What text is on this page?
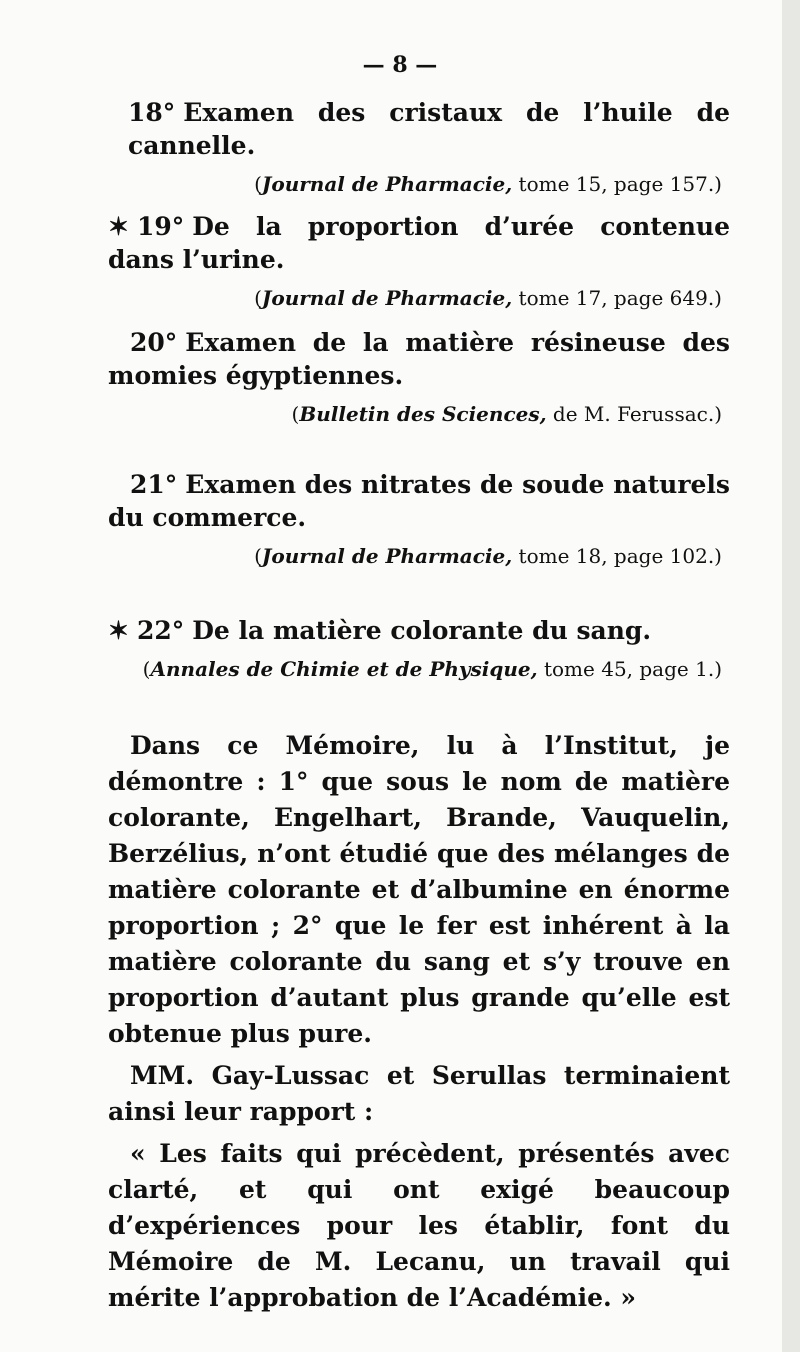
— 8 —
18° Examen des cristaux de l’huile de cannelle.
(Journal de Pharmacie, tome 15, page 157.)
✶ 19° De la proportion d’urée contenue dans l’urine.
(Journal de Pharmacie, tome 17, page 649.)
20° Examen de la matière résineuse des momies égyptiennes.
(Bulletin des Sciences, de M. Ferussac.)
21° Examen des nitrates de soude naturels du commerce.
(Journal de Pharmacie, tome 18, page 102.)
✶ 22° De la matière colorante du sang.
(Annales de Chimie et de Physique, tome 45, page 1.)

Dans ce Mémoire, lu à l’Institut, je démontre : 1° que sous le nom de matière colorante, Engelhart, Brande, Vauquelin, Berzélius, n’ont étudié que des mélanges de matière colorante et d’albumine en énorme proportion ; 2° que le fer est inhérent à la matière colorante du sang et s’y trouve en proportion d’autant plus grande qu’elle est obtenue plus pure.

MM. Gay-Lussac et Serullas terminaient ainsi leur rapport :

« Les faits qui précèdent, présentés avec clarté, et qui ont exigé beaucoup d’expériences pour les établir, font du Mémoire de M. Lecanu, un travail qui mérite l’approbation de l’Académie. »
